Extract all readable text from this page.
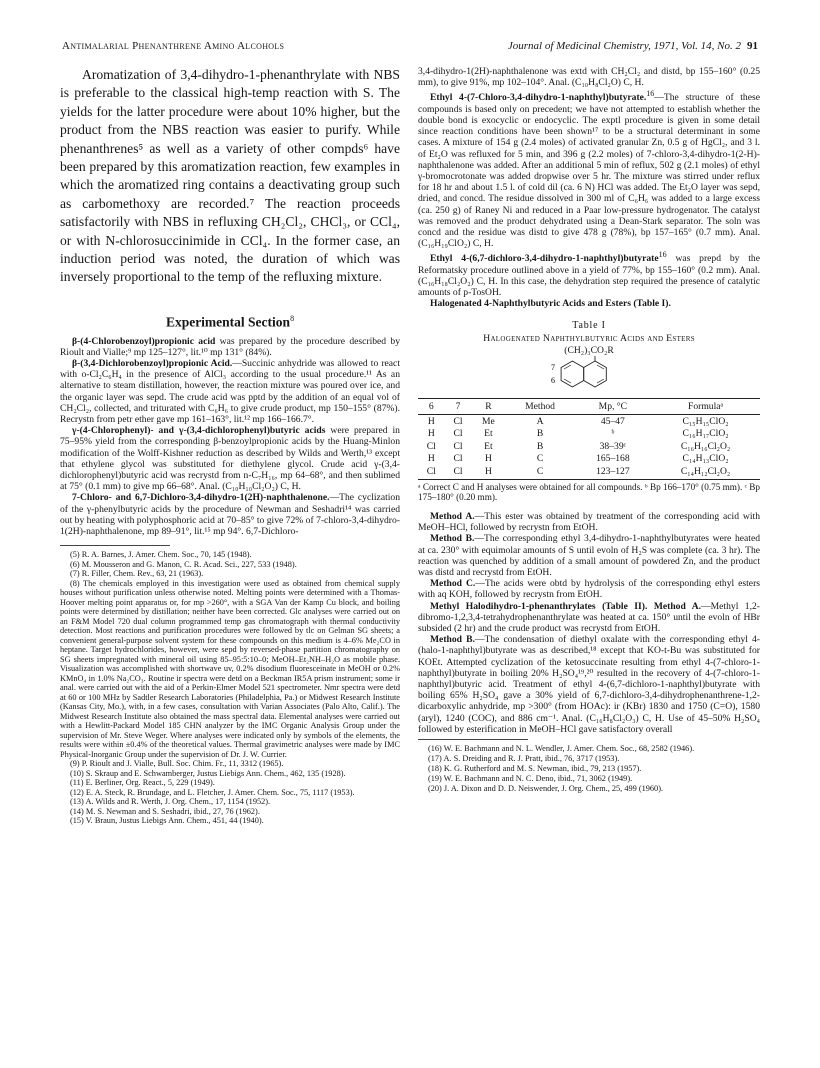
Antimalarial Phenanthrene Amino Alcohols	Journal of Medicinal Chemistry, 1971, Vol. 14, No. 2 91

Aromatization of 3,4-dihydro-1-phenanthrylate with NBS is preferable to the classical high-temp reaction with S. The yields for the latter procedure were about 10% higher, but the product from the NBS reaction was easier to purify. While phenanthrenes⁵ as well as a variety of other compds⁶ have been prepared by this aromatization reaction, few examples in which the aromatized ring contains a deactivating group such as carbomethoxy are recorded.⁷ The reaction proceeds satisfactorily with NBS in refluxing CH₂Cl₂, CHCl₃, or CCl₄, or with N-chlorosuccinimide in CCl₄. In the former case, an induction period was noted, the duration of which was inversely proportional to the temp of the refluxing mixture.

Experimental Section$^8$

β-(4-Chlorobenzoyl)propionic acid was prepared by the procedure described by Rioult and Vialle;⁹ mp 125–127°, lit.¹⁰ mp 131° (84%).

β-(3,4-Dichlorobenzoyl)propionic Acid.—Succinic anhydride was allowed to react with o-Cl₂C₆H₄ in the presence of AlCl₃ according to the usual procedure.¹¹ As an alternative to steam distillation, however, the reaction mixture was poured over ice, and the organic layer was sepd. The crude acid was pptd by the addition of an equal vol of CH₂Cl₂, collected, and triturated with C₆H₆ to give crude product, mp 150–155° (87%). Recrystn from petr ether gave mp 161–163°, lit.¹² mp 166–166.7°.

γ-(4-Chlorophenyl)- and γ-(3,4-dichlorophenyl)butyric acids were prepared in 75–95% yield from the corresponding β-benzoylpropionic acids by the Huang-Minlon modification of the Wolff-Kishner reduction as described by Wilds and Werth,¹³ except that ethylene glycol was substituted for diethylene glycol. Crude acid γ-(3,4-dichlorophenyl)butyric acid was recrystd from n-C₇H₁₆, mp 64–68°, and then sublimed at 75° (0.1 mm) to give mp 66–68°. Anal. (C₁₀H₁₀Cl₂O₂) C, H.

7-Chloro- and 6,7-Dichloro-3,4-dihydro-1(2H)-naphthalenone.—The cyclization of the γ-phenylbutyric acids by the procedure of Newman and Seshadri¹⁴ was carried out by heating with polyphosphoric acid at 70–85° to give 72% of 7-chloro-3,4-dihydro-1(2H)-naphthalenone, mp 89–91°, lit.¹⁵ mp 94°. 6,7-Dichloro-

(5) R. A. Barnes, J. Amer. Chem. Soc., 70, 145 (1948).

(6) M. Mousseron and G. Manon, C. R. Acad. Sci., 227, 533 (1948).

(7) R. Filler, Chem. Rev., 63, 21 (1963).

(8) The chemicals employed in this investigation were used as obtained from chemical supply houses without purification unless otherwise noted. Melting points were determined with a Thomas-Hoover melting point apparatus or, for mp >260°, with a SGA Van der Kamp Cu block, and boiling points were determined by distillation; neither have been corrected. Glc analyses were carried out on an F&M Model 720 dual column programmed temp gas chromatograph with thermal conductivity detection. Most reactions and purification procedures were followed by tlc on Gelman SG sheets; a convenient general-purpose solvent system for these compounds on this medium is 4–6% Me₂CO in heptane. Target hydrochlorides, however, were sepd by reversed-phase partition chromatography on SG sheets impregnated with mineral oil using 85–95:5:10–0; MeOH–Et₂NH–H₂O as mobile phase. Visualization was accomplished with shortwave uv, 0.2% disodium fluoresceinate in MeOH or 0.2% KMnO₄ in 1.0% Na₂CO₃. Routine ir spectra were detd on a Beckman IR5A prism instrument; some ir anal. were carried out with the aid of a Perkin-Elmer Model 521 spectrometer. Nmr spectra were detd at 60 or 100 MHz by Sadtler Research Laboratories (Philadelphia, Pa.) or Midwest Research Institute (Kansas City, Mo.), with, in a few cases, consultation with Varian Associates (Palo Alto, Calif.). The Midwest Research Institute also obtained the mass spectral data. Elemental analyses were carried out with a Hewlitt-Packard Model 185 CHN analyzer by the IMC Organic Analysis Group under the supervision of Mr. Steve Weger. Where analyses were indicated only by symbols of the elements, the results were within ±0.4% of the theoretical values. Thermal gravimetric analyses were made by IMC Physical-Inorganic Group under the supervision of Dr. J. W. Currier.

(9) P. Rioult and J. Vialle, Bull. Soc. Chim. Fr., 11, 3312 (1965).

(10) S. Skraup and E. Schwamberger, Justus Liebigs Ann. Chem., 462, 135 (1928).

(11) E. Berliner, Org. React., 5, 229 (1949).

(12) E. A. Steck, R. Brundage, and L. Fletcher, J. Amer. Chem. Soc., 75, 1117 (1953).

(13) A. Wilds and R. Werth, J. Org. Chem., 17, 1154 (1952).

(14) M. S. Newman and S. Seshadri, ibid., 27, 76 (1962).

(15) V. Braun, Justus Liebigs Ann. Chem., 451, 44 (1940).

3,4-dihydro-1(2H)-naphthalenone was extd with CH₂Cl₂ and distd, bp 155–160° (0.25 mm), to give 91%, mp 102–104°. Anal. (C₁₀H₈Cl₂O) C, H.

Ethyl 4-(7-Chloro-3,4-dihydro-1-naphthyl)butyrate.$^{16}$—The structure of these compounds is based only on precedent; we have not attempted to establish whether the double bond is exocyclic or endocyclic. The exptl procedure is given in some detail since reaction conditions have been shown¹⁷ to be a structural determinant in some cases. A mixture of 154 g (2.4 moles) of activated granular Zn, 0.5 g of HgCl₂, and 3 l. of Et₂O was refluxed for 5 min, and 396 g (2.2 moles) of 7-chloro-3,4-dihydro-1(2-H)-naphthalenone was added. After an additional 5 min of reflux, 502 g (2.1 moles) of ethyl γ-bromocrotonate was added dropwise over 5 hr. The mixture was stirred under reflux for 18 hr and about 1.5 l. of cold dil (ca. 6 N) HCl was added. The Et₂O layer was sepd, dried, and concd. The residue dissolved in 300 ml of C₆H₆ was added to a large excess (ca. 250 g) of Raney Ni and reduced in a Paar low-pressure hydrogenator. The catalyst was removed and the product dehydrated using a Dean-Stark separator. The soln was concd and the residue was distd to give 478 g (78%), bp 157–165° (0.7 mm). Anal. (C₁₆H₁₉ClO₂) C, H.

Ethyl 4-(6,7-dichloro-3,4-dihydro-1-naphthyl)butyrate$^{16}$ was prepd by the Reformatsky procedure outlined above in a yield of 77%, bp 155–160° (0.2 mm). Anal. (C₁₆H₁₈Cl₂O₂) C, H. In this case, the dehydration step required the presence of catalytic amounts of p-TosOH.

Halogenated 4-Naphthylbutyric Acids and Esters (Table I).

Table I
Halogenated Naphthylbutyric Acids and Esters
(CH₂)₃CO₂R
7
6
6	7	R	Method	Mp, °C	Formulaᵃ
H	Cl	Me	A	45–47	C₁₅H₁₅ClO₂
H	Cl	Et	B	ᵇ	C₁₆H₁₇ClO₂
Cl	Cl	Et	B	38–39ᶜ	C₁₆H₁₆Cl₂O₂
H	Cl	H	C	165–168	C₁₄H₁₃ClO₂
Cl	Cl	H	C	123–127	C₁₄H₁₂Cl₂O₂

ᵃ Correct C and H analyses were obtained for all compounds. ᵇ Bp 166–170° (0.75 mm). ᶜ Bp 175–180° (0.20 mm).

Method A.—This ester was obtained by treatment of the corresponding acid with MeOH–HCl, followed by recrystn from EtOH.

Method B.—The corresponding ethyl 3,4-dihydro-1-naphthylbutyrates were heated at ca. 230° with equimolar amounts of S until evoln of H₂S was complete (ca. 3 hr). The reaction was quenched by addition of a small amount of powdered Zn, and the product was distd and recrystd from EtOH.

Method C.—The acids were obtd by hydrolysis of the corresponding ethyl esters with aq KOH, followed by recrystn from EtOH.

Methyl Halodihydro-1-phenanthrylates (Table II). Method A.—Methyl 1,2-dibromo-1,2,3,4-tetrahydrophenanthrylate was heated at ca. 150° until the evoln of HBr subsided (2 hr) and the crude product was recrystd from EtOH.

Method B.—The condensation of diethyl oxalate with the corresponding ethyl 4-(halo-1-naphthyl)butyrate was as described,¹⁸ except that KO-t-Bu was substituted for KOEt. Attempted cyclization of the ketosuccinate resulting from ethyl 4-(7-chloro-1-naphthyl)butyrate in boiling 20% H₂SO₄¹⁹,²⁰ resulted in the recovery of 4-(7-chloro-1-naphthyl)butyric acid. Treatment of ethyl 4-(6,7-dichloro-1-naphthyl)butyrate with boiling 65% H₂SO₄ gave a 30% yield of 6,7-dichloro-3,4-dihydrophenanthrene-1,2-dicarboxylic anhydride, mp >300° (from HOAc): ir (KBr) 1830 and 1750 (C=O), 1580 (aryl), 1240 (COC), and 886 cm⁻¹. Anal. (C₁₆H₈Cl₂O₃) C, H. Use of 45–50% H₂SO₄ followed by esterification in MeOH–HCl gave satisfactory overall

(16) W. E. Bachmann and N. L. Wendler, J. Amer. Chem. Soc., 68, 2582 (1946).

(17) A. S. Dreiding and R. J. Pratt, ibid., 76, 3717 (1953).

(18) K. G. Rutherford and M. S. Newman, ibid., 79, 213 (1957).

(19) W. E. Bachmann and N. C. Deno, ibid., 71, 3062 (1949).

(20) J. A. Dixon and D. D. Neiswender, J. Org. Chem., 25, 499 (1960).
